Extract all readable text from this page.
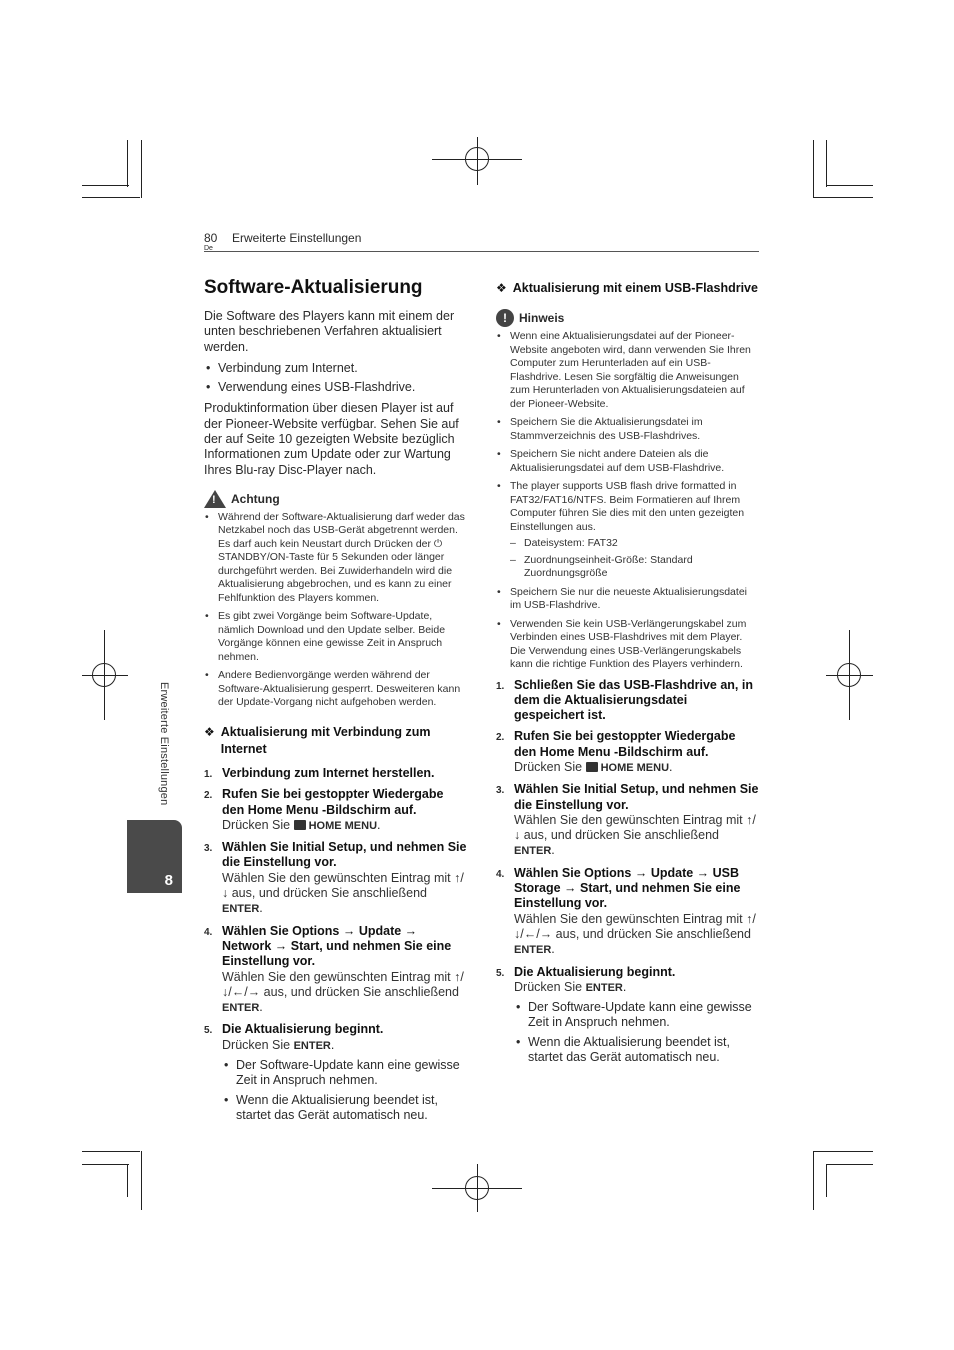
80
De
Erweiterte Einstellungen
Erweiterte Einstellungen
8
Software-Aktualisierung

Die Software des Players kann mit einem der unten beschriebenen Verfahren aktualisiert werden.

• Verbindung zum Internet.
• Verwendung eines USB-Flashdrive.

Produktinformation über diesen Player ist auf der Pioneer-Website verfügbar. Sehen Sie auf der auf Seite 10 gezeigten Website bezüglich Informationen zum Update oder zur Wartung Ihres Blu-ray Disc-Player nach.

! Achtung
• Während der Software-Aktualisierung darf weder das Netzkabel noch das USB-Gerät abgetrennt werden. Es darf auch kein Neustart durch Drücken der ⏻ STANDBY/ON-Taste für 5 Sekunden oder länger durchgeführt werden. Bei Zuwiderhandeln wird die Aktualisierung abgebrochen, und es kann zu einer Fehlfunktion des Players kommen.
• Es gibt zwei Vorgänge beim Software-Update, nämlich Download und den Update selber. Beide Vorgänge können eine gewisse Zeit in Anspruch nehmen.
• Andere Bedienvorgänge werden während der Software-Aktualisierung gesperrt. Desweiteren kann der Update-Vorgang nicht aufgehoben werden.
❖ Aktualisierung mit Verbindung zum Internet
1. Verbindung zum Internet herstellen.
2. Rufen Sie bei gestoppter Wiedergabe den Home Menu -Bildschirm auf.
Drücken Sie HOME MENU.
3. Wählen Sie Initial Setup, und nehmen Sie die Einstellung vor.
Wählen Sie den gewünschten Eintrag mit ↑/↓ aus, und drücken Sie anschließend ENTER.
4. Wählen Sie Options → Update → Network → Start, und nehmen Sie eine Einstellung vor.
Wählen Sie den gewünschten Eintrag mit ↑/↓/←/→ aus, und drücken Sie anschließend ENTER.
5. Die Aktualisierung beginnt.
Drücken Sie ENTER.
• Der Software-Update kann eine gewisse Zeit in Anspruch nehmen.
• Wenn die Aktualisierung beendet ist, startet das Gerät automatisch neu.
❖ Aktualisierung mit einem USB-Flashdrive
!	Hinweis
• Wenn eine Aktualisierungsdatei auf der Pioneer-Website angeboten wird, dann verwenden Sie Ihren Computer zum Herunterladen auf ein USB-Flashdrive. Lesen Sie sorgfältig die Anweisungen zum Herunterladen von Aktualisierungsdateien auf der Pioneer-Website.
• Speichern Sie die Aktualisierungsdatei im Stammverzeichnis des USB-Flashdrives.
• Speichern Sie nicht andere Dateien als die Aktualisierungsdatei auf dem USB-Flashdrive.
• The player supports USB flash drive formatted in FAT32/FAT16/NTFS. Beim Formatieren auf Ihrem Computer führen Sie dies mit den unten gezeigten Einstellungen aus.
– Dateisystem: FAT32
– Zuordnungseinheit-Größe: Standard Zuordnungsgröße
• Speichern Sie nur die neueste Aktualisierungsdatei im USB-Flashdrive.
• Verwenden Sie kein USB-Verlängerungskabel zum Verbinden eines USB-Flashdrives mit dem Player. Die Verwendung eines USB-Verlängerungskabels kann die richtige Funktion des Players verhindern.
1. Schließen Sie das USB-Flashdrive an, in dem die Aktualisierungsdatei gespeichert ist.
2. Rufen Sie bei gestoppter Wiedergabe den Home Menu -Bildschirm auf.
Drücken Sie HOME MENU.
3. Wählen Sie Initial Setup, und nehmen Sie die Einstellung vor.
Wählen Sie den gewünschten Eintrag mit ↑/↓ aus, und drücken Sie anschließend ENTER.
4. Wählen Sie Options → Update → USB Storage → Start, und nehmen Sie eine Einstellung vor.
Wählen Sie den gewünschten Eintrag mit ↑/↓/←/→ aus, und drücken Sie anschließend ENTER.
5. Die Aktualisierung beginnt.
Drücken Sie ENTER.
• Der Software-Update kann eine gewisse Zeit in Anspruch nehmen.
• Wenn die Aktualisierung beendet ist, startet das Gerät automatisch neu.
